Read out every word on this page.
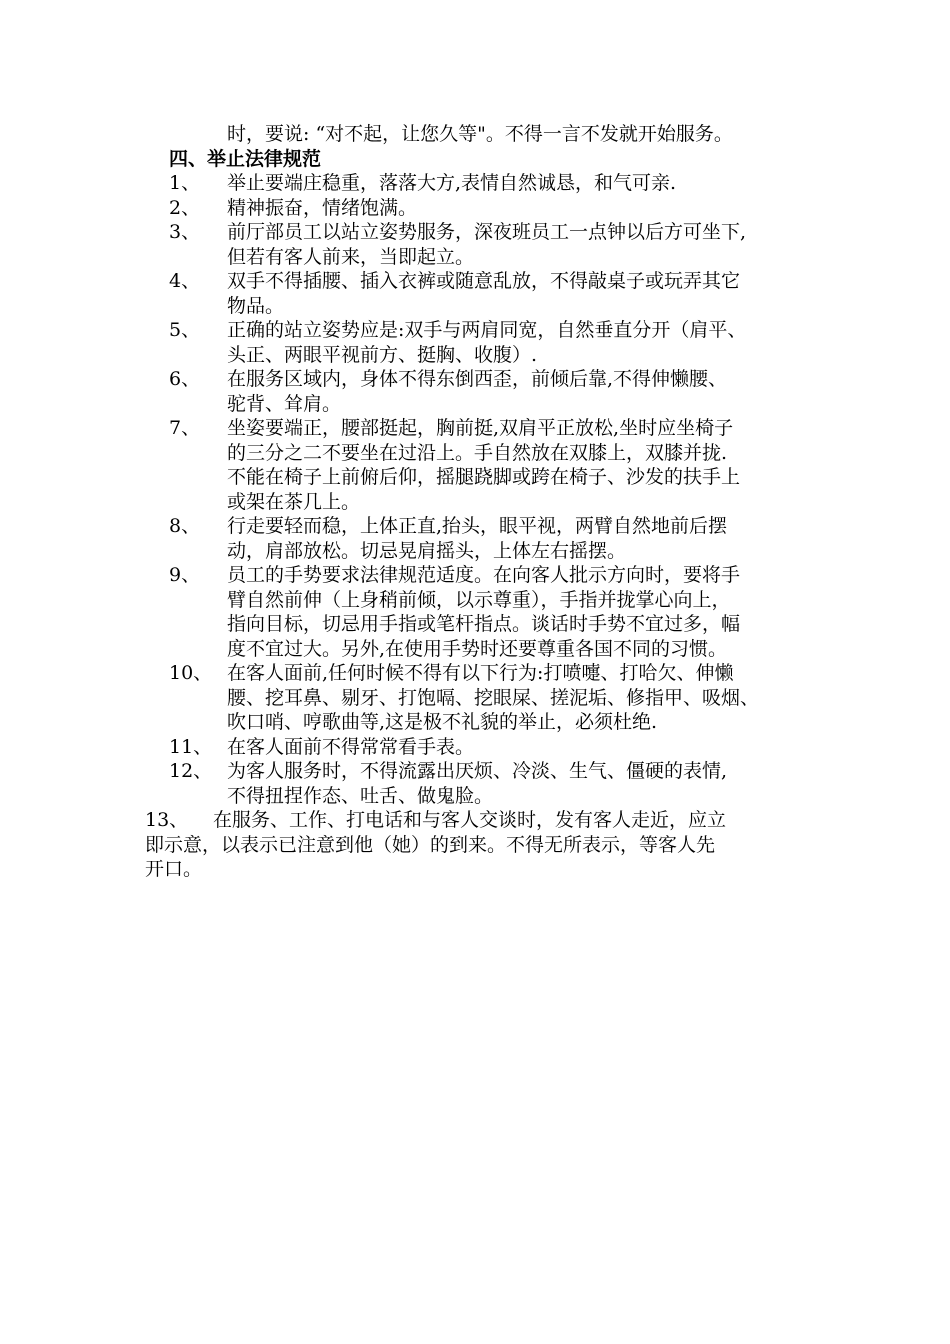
时，要说: “对不起，让您久等"。不得一言不发就开始服务。
四、举止法律规范
1、 举止要端庄稳重，落落大方,表情自然诚恳，和气可亲.
2、 精神振奋，情绪饱满。
3、 前厅部员工以站立姿势服务，深夜班员工一点钟以后方可坐下,
但若有客人前来，当即起立。
4、 双手不得插腰、插入衣裤或随意乱放，不得敲桌子或玩弄其它
物品。
5、 正确的站立姿势应是:双手与两肩同宽，自然垂直分开（肩平、
头正、两眼平视前方、挺胸、收腹）.
6、 在服务区域内，身体不得东倒西歪，前倾后靠,不得伸懒腰、
驼背、耸肩。
7、 坐姿要端正，腰部挺起，胸前挺,双肩平正放松,坐时应坐椅子
的三分之二不要坐在过沿上。手自然放在双膝上，双膝并拢.
不能在椅子上前俯后仰，摇腿跷脚或跨在椅子、沙发的扶手上
或架在茶几上。
8、 行走要轻而稳，上体正直,抬头，眼平视，两臂自然地前后摆
动，肩部放松。切忌晃肩摇头，上体左右摇摆。
9、 员工的手势要求法律规范适度。在向客人批示方向时，要将手
臂自然前伸（上身稍前倾，以示尊重），手指并拢掌心向上，
指向目标，切忌用手指或笔杆指点。谈话时手势不宜过多，幅
度不宜过大。另外,在使用手势时还要尊重各国不同的习惯。
10、 在客人面前,任何时候不得有以下行为:打喷嚏、打哈欠、伸懒
腰、挖耳鼻、剔牙、打饱嗝、挖眼屎、搓泥垢、修指甲、吸烟、
吹口哨、哼歌曲等,这是极不礼貌的举止，必须杜绝.
11、 在客人面前不得常常看手表。
12、 为客人服务时，不得流露出厌烦、冷淡、生气、僵硬的表情,
不得扭捏作态、吐舌、做鬼脸。
13、 在服务、工作、打电话和与客人交谈时，发有客人走近，应立
即示意，以表示已注意到他（她）的到来。不得无所表示，等客人先
开口。
